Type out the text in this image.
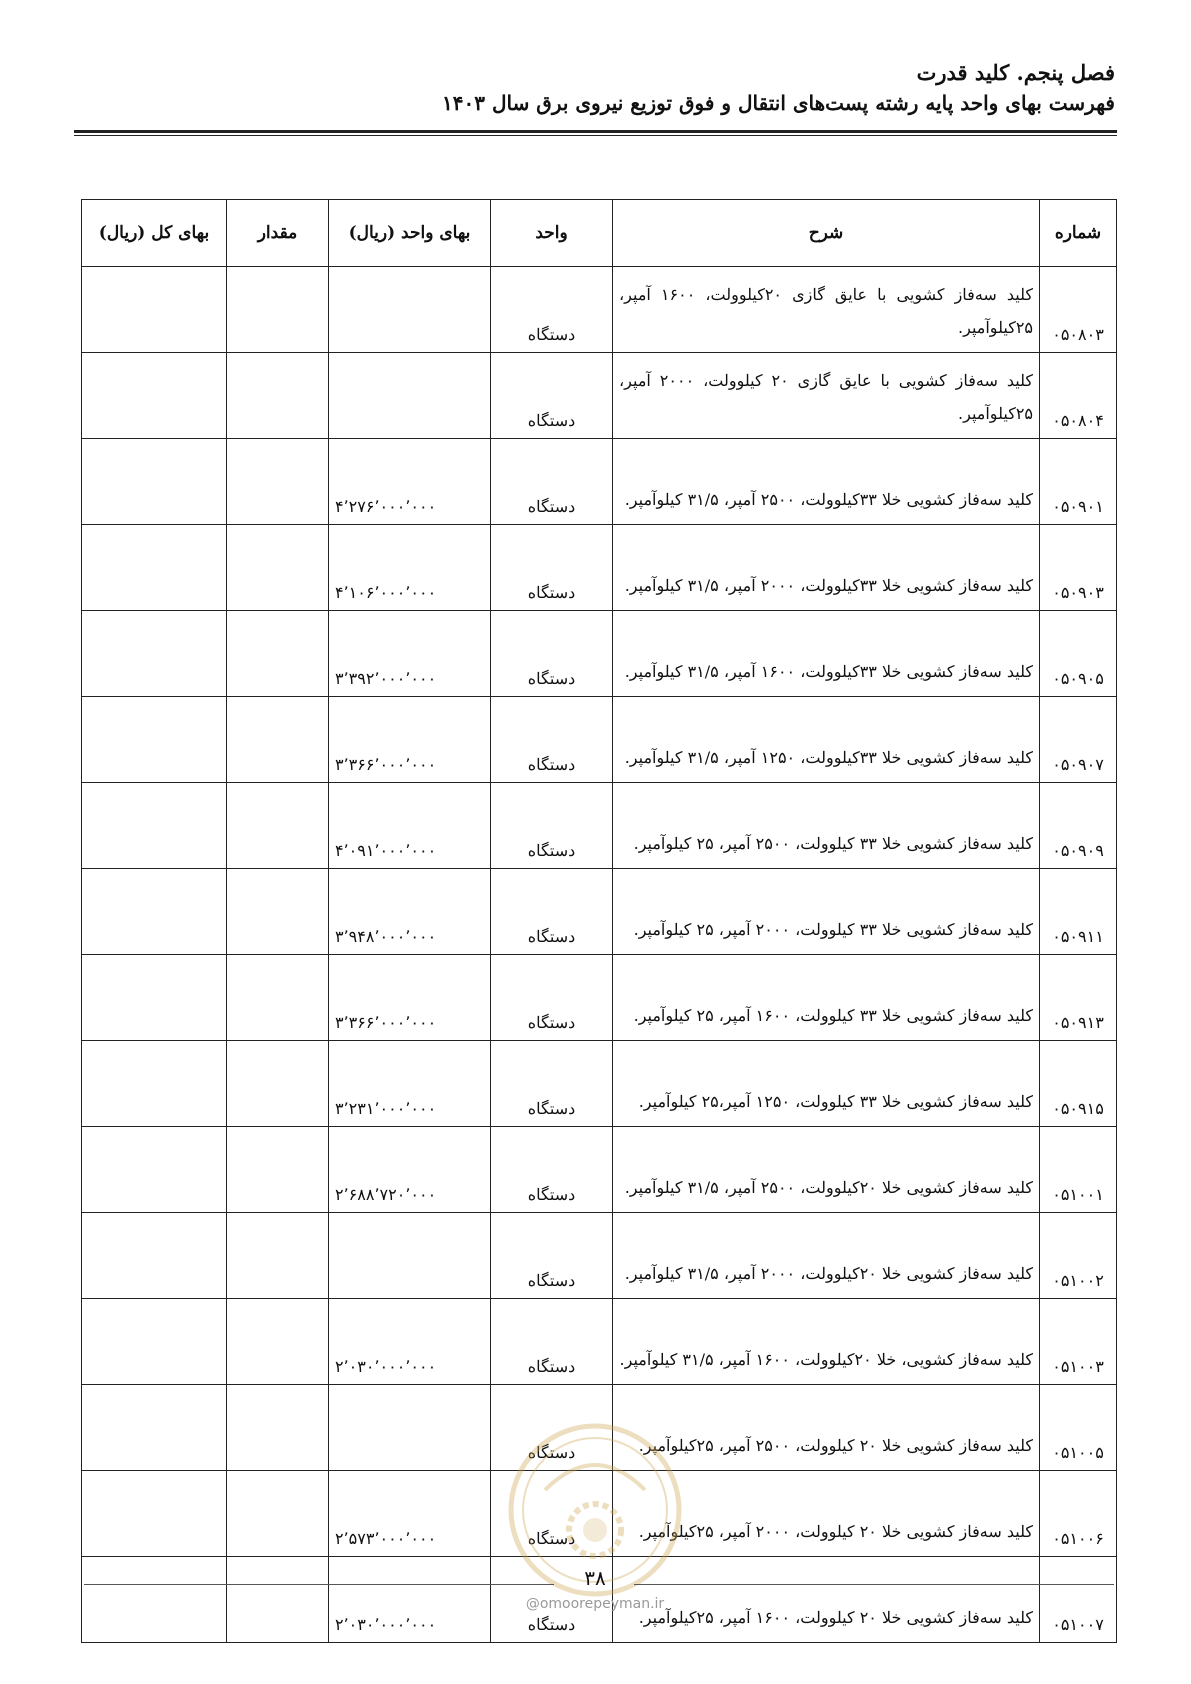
فصل پنجم. کلید قدرت
فهرست بهای واحد پایه رشته پست‌های انتقال و فوق توزیع نیروی برق سال ۱۴۰۳
شماره	شرح	واحد	بهای واحد (ریال)	مقدار	بهای کل (ریال)
۰۵۰۸۰۳	کلید سه‌فاز کشویی با عایق گازی ۲۰کیلوولت، ۱۶۰۰ آمپر، ۲۵کیلوآمپر.	دستگاه			
۰۵۰۸۰۴	کلید سه‌فاز کشویی با عایق گازی ۲۰ کیلوولت، ۲۰۰۰ آمپر، ۲۵کیلوآمپر.	دستگاه			
۰۵۰۹۰۱	کلید سه‌فاز کشویی خلا ۳۳کیلوولت، ۲۵۰۰ آمپر، ۳۱/۵ کیلوآمپر.	دستگاه	۴٬۲۷۶٬۰۰۰٬۰۰۰		
۰۵۰۹۰۳	کلید سه‌فاز کشویی خلا ۳۳کیلوولت، ۲۰۰۰ آمپر، ۳۱/۵ کیلوآمپر.	دستگاه	۴٬۱۰۶٬۰۰۰٬۰۰۰		
۰۵۰۹۰۵	کلید سه‌فاز کشویی خلا ۳۳کیلوولت، ۱۶۰۰ آمپر، ۳۱/۵ کیلوآمپر.	دستگاه	۳٬۳۹۲٬۰۰۰٬۰۰۰		
۰۵۰۹۰۷	کلید سه‌فاز کشویی خلا ۳۳کیلوولت، ۱۲۵۰ آمپر، ۳۱/۵ کیلوآمپر.	دستگاه	۳٬۳۶۶٬۰۰۰٬۰۰۰		
۰۵۰۹۰۹	کلید سه‌فاز کشویی خلا ۳۳ کیلوولت، ۲۵۰۰ آمپر، ۲۵ کیلوآمپر.	دستگاه	۴٬۰۹۱٬۰۰۰٬۰۰۰		
۰۵۰۹۱۱	کلید سه‌فاز کشویی خلا ۳۳ کیلوولت، ۲۰۰۰ آمپر، ۲۵ کیلوآمپر.	دستگاه	۳٬۹۴۸٬۰۰۰٬۰۰۰		
۰۵۰۹۱۳	کلید سه‌فاز کشویی خلا ۳۳ کیلوولت، ۱۶۰۰ آمپر، ۲۵ کیلوآمپر.	دستگاه	۳٬۳۶۶٬۰۰۰٬۰۰۰		
۰۵۰۹۱۵	کلید سه‌فاز کشویی خلا ۳۳ کیلوولت، ۱۲۵۰ آمپر،۲۵ کیلوآمپر.	دستگاه	۳٬۲۳۱٬۰۰۰٬۰۰۰		
۰۵۱۰۰۱	کلید سه‌فاز کشویی خلا ۲۰کیلوولت، ۲۵۰۰ آمپر، ۳۱/۵ کیلوآمپر.	دستگاه	۲٬۶۸۸٬۷۲۰٬۰۰۰		
۰۵۱۰۰۲	کلید سه‌فاز کشویی خلا ۲۰کیلوولت، ۲۰۰۰ آمپر، ۳۱/۵ کیلوآمپر.	دستگاه			
۰۵۱۰۰۳	کلید سه‌فاز کشویی، خلا ۲۰کیلوولت، ۱۶۰۰ آمپر، ۳۱/۵ کیلوآمپر.	دستگاه	۲٬۰۳۰٬۰۰۰٬۰۰۰		
۰۵۱۰۰۵	کلید سه‌فاز کشویی خلا ۲۰ کیلوولت، ۲۵۰۰ آمپر، ۲۵کیلوآمپر.	دستگاه			
۰۵۱۰۰۶	کلید سه‌فاز کشویی خلا ۲۰ کیلوولت، ۲۰۰۰ آمپر، ۲۵کیلوآمپر.	دستگاه	۲٬۵۷۳٬۰۰۰٬۰۰۰		
۰۵۱۰۰۷	کلید سه‌فاز کشویی خلا ۲۰ کیلوولت، ۱۶۰۰ آمپر، ۲۵کیلوآمپر.	دستگاه	۲٬۰۳۰٬۰۰۰٬۰۰۰		
۳۸
@omoorepeyman.ir
